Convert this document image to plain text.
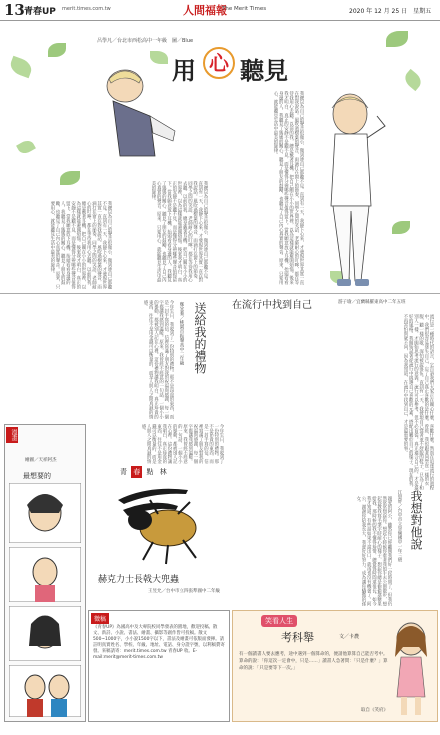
13 青春UP merit.times.com.tw	人間福報
The Merit Times	2020 年 12 月 25 日　星期五
呂學凡／台北市西松高中一年級　圖／Blue
用 心 聽見
我總以為自己的聲音很微小，微到連自己都聽不見。直到有一天，我靜下心來，才發現世界其實一直在對我說話。風吹過樹葉的聲音，雨滴打在窗上的節奏，同學之間的笑語，老師耐心的叮嚀，都在等待我用心去聽。以前的我，總是戴著耳機，把自己關在小小的世界裡，以為這樣就能避開煩惱。後來我才明白，真正的安靜不是聽不見，而是懂得分辨哪些聲音值得留下。當我願意放下耳機，抬頭看看身邊的人，我聽見了媽媽的關心，聽見了朋友的鼓勵，也聽見了自己內心真實的聲音。原來，只要用心，就能聽見生活中最美的旋律。
我總以為自己的聲音很微小，微到連自己都聽不見。直到有一天，我靜下心來，才發現世界其實一直在對我說話。風吹過樹葉的聲音，雨滴打在窗上的節奏，同學之間的笑語，老師耐心的叮嚀，都在等待我用心去聽。以前的我，總是戴著耳機，把自己關在小小的世界裡，以為這樣就能避開煩惱。後來我才明白，真正的安靜不是聽不見，而是懂得分辨哪些聲音值得留下。當我願意放下耳機，抬頭看看身邊的人，我聽見了媽媽的關心，聽見了朋友的鼓勵，也聽見了自己內心真實的聲音。原來，只要用心，就能聽見生活中最美的旋律。
我總以為自己的聲音很微小，微到連自己都聽不見。直到有一天，我靜下心來，才發現世界其實一直在對我說話。風吹過樹葉的聲音，雨滴打在窗上的節奏，同學之間的笑語，老師耐心的叮嚀，都在等待我用心去聽。以前的我，總是戴著耳機，把自己關在小小的世界裡，以為這樣就能避開煩惱。後來我才明白，真正的安靜不是聽不見，而是懂得分辨哪些聲音值得留下。當我願意放下耳機，抬頭看看身邊的人，我聽見了媽媽的關心，聽見了朋友的鼓勵，也聽見了自己內心真實的聲音。原來，只要用心，就能聽見生活中最美的旋律。
在流行中找到自己	游子瑜／宜蘭縣羅東高中二年五班
流行是一種時代的語言，它告訴我們大家正在關心什麼、喜歡什麼。然而在追逐流行的過程中，我們很容易迷失自己，忘了自己真正喜歡的是什麼。曾經，我也跟著同學買一樣的衣服、聽一樣的歌，深怕被說落伍。直到有一天，我發現自己穿著並不舒服的鞋子，只為了和別人一樣，才開始思考流行的意義。流行可以參考，但不必盲從。真正適合自己的，才是最好的風格。我開始試著從流行中挑選自己喜歡的元素，搭配出屬於自己的樣子。現在的我，不再害怕與眾不同，因為我知道，在流行中找到自己，才是最重要的事。
送給我的禮物
鄭宜蓁／桃園市振聲高中二年級
今年生日，我收到了一份特別的禮物。那不是昂貴的東西，而是一封手寫的信。信裡寫滿了朋友對我的祝福與感謝，每一個字都讓我感到溫暖。原來，我曾經不經意的一句話，一個小小的舉動，都被別人記在心裡。這份禮物讓我明白，真正珍貴的東西，往往不是用金錢可以衡量的，而是人與人之間真誠的情感。
漫畫
繪圖／天祥阿杰
最想要的
今年生日，我收到了一份特別的禮物。那不是昂貴的東西，而是一封手寫的信。信裡寫滿了朋友對我的祝福與感謝，每一個字都讓我感到溫暖。原來，我曾經不經意的一句話，一個小小的舉動，都被別人記在心裡。這份禮物讓我明白，真正珍貴的東西，往往不是用金錢可以衡量的，而是人與人之間真誠的情感。
青 春 點 林
赫克力士長戟大兜蟲
王昱允／台中市立四張犁國中二年級
我想對他說
江思妤／台中市立崇倫國中一年三班
親愛的阿公，雖然你已經離開我們好一段時間了，但我仍然常常想起你。想起小時候你牽著我的手去公園散步，想起你教我寫毛筆字時耐心的樣子，想起你總是偷偷塞糖果給我。那時候的我不懂得珍惜，總覺得時間還很長。如今我才知道，有些話如果不說出口，就再也沒有機會了。阿公，謝謝你陪我長大，我會好好努力，成為讓你驕傲的孫女。
徵稿
《青春UP》為國高中及大專院校同學發表的園地，歡迎投稿。散文、新詩、小說、書法、繪畫、攝影等創作皆可投稿。散文500~1000字，小小說1500字以下，書法及繪畫可依版面發揮。請註明真實姓名、學校、年級、地址、電話、身分證字號，以利稿費寄發。來稿請寄：merit.times.com.tw 青春UP 收。E-mail:merit@merit-times.com.tw
笑看人生
考科舉	文／卡農
有一個讀書人要去應考，途中遇到一個算命的，便請他算算自己能否考中。算命的說：「你這次一定會中，只是……」讀書人急著問：「只是什麼？」算命的說：「只是要等下一次。」
取自《笑府》
